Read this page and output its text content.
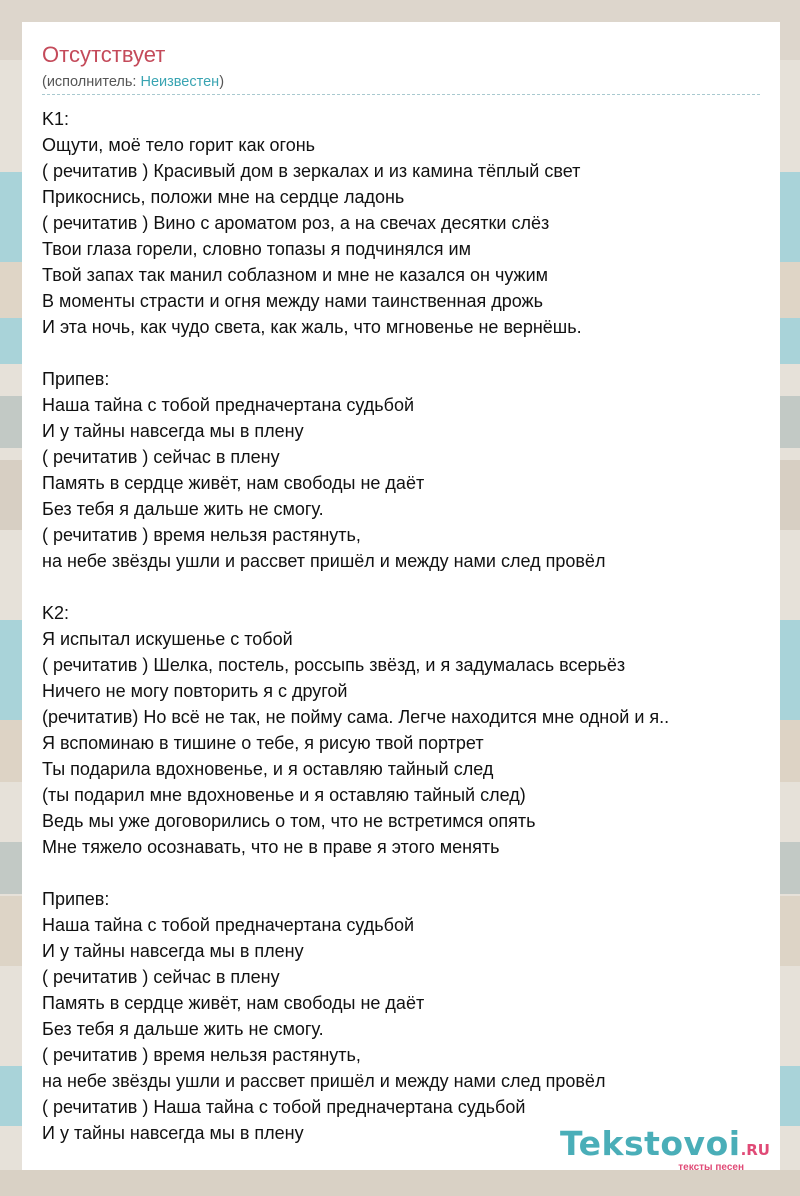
Отсутствует
(исполнитель: Неизвестен)
K1:
Ощути, моё тело горит как огонь
( речитатив ) Красивый дом в зеркалах и из камина тёплый свет
Прикоснись, положи мне на сердце ладонь
( речитатив ) Вино с ароматом роз, а на свечах десятки слёз
Твои глаза горели, словно топазы я подчинялся им
Твой запах так манил соблазном и мне не казался он чужим
В моменты страсти и огня между нами таинственная дрожь
И эта ночь, как чудо света, как жаль, что мгновенье не вернёшь.
Припев:
Наша тайна с тобой предначертана судьбой
И у тайны навсегда мы в плену
( речитатив ) сейчас в плену
Память в сердце живёт, нам свободы не даёт
Без тебя я дальше жить не смогу.
( речитатив ) время нельзя растянуть,
на небе звёзды ушли и рассвет пришёл и между нами след провёл
K2:
Я испытал искушенье с тобой
( речитатив ) Шелка, постель, россыпь звёзд, и я задумалась всерьёз
Ничего не могу повторить я с другой
(речитатив) Но всё не так, не пойму сама. Легче находится мне одной и я..
Я вспоминаю в тишине о тебе, я рисую твой портрет
Ты подарила вдохновенье, и я оставляю тайный след
(ты подарил мне вдохновенье и я оставляю тайный след)
Ведь мы уже договорились о том, что не встретимся опять
Мне тяжело осознавать, что не в праве я этого менять
Припев:
Наша тайна с тобой предначертана судьбой
И у тайны навсегда мы в плену
( речитатив ) сейчас в плену
Память в сердце живёт, нам свободы не даёт
Без тебя я дальше жить не смогу.
( речитатив ) время нельзя растянуть,
на небе звёзды ушли и рассвет пришёл и между нами след провёл
( речитатив ) Наша тайна с тобой предначертана судьбой
И у тайны навсегда мы в плену	Tekstovoi.RU
тексты песен
